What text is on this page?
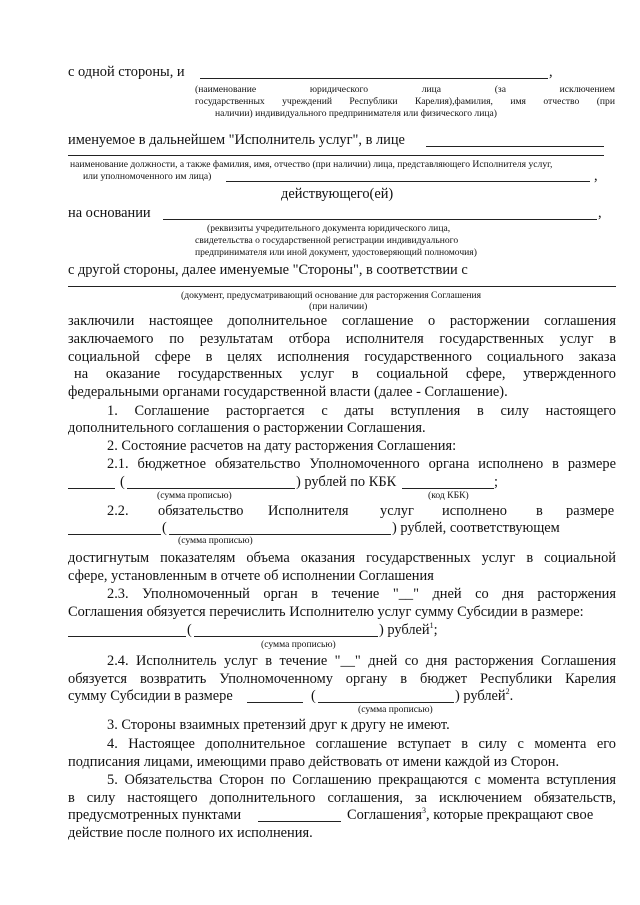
с одной стороны, и	,
(наименование юридического лица (за исключением
государственных учреждений Республики Карелия),фамилия, имя отчество (при
наличии) индивидуального предпринимателя или физического лица)
именуемое в дальнейшем "Исполнитель услуг", в лице
наименование должности, а также фамилия, имя, отчество (при наличии) лица, представляющего Исполнителя услуг,
или уполномоченного им лица)	,
действующего(ей)
на основании	,
(реквизиты учредительного документа юридического лица,
свидетельства о государственной регистрации индивидуального
предпринимателя или иной документ, удостоверяющий полномочия)
с другой стороны, далее именуемые "Стороны", в соответствии с
(документ, предусматривающий основание для расторжения Соглашения
(при наличии)
заключили настоящее дополнительное соглашение о расторжении соглашения
заключаемого по результатам отбора исполнителя государственных услуг в
социальной сфере в целях исполнения государственного социального заказа
на оказание государственных услуг в социальной сфере, утвержденного
федеральными органами государственной власти (далее - Соглашение).
1. Соглашение расторгается с даты вступления в силу настоящего
дополнительного соглашения о расторжении Соглашения.
2. Состояние расчетов на дату расторжения Соглашения:
2.1. бюджетное обязательство Уполномоченного органа исполнено в размере
(	) рублей по КБК	;
(сумма прописью)	(код КБК)
2.2. обязательство Исполнителя услуг исполнено в размере
(	) рублей, соответствующем
(сумма прописью)
достигнутым показателям объема оказания государственных услуг в социальной
сфере, установленным в отчете об исполнении Соглашения
2.3. Уполномоченный орган в течение "__" дней со дня расторжения
Соглашения обязуется перечислить Исполнителю услуг сумму Субсидии в размере:
(	) рублей$^1$;
(сумма прописью)
2.4. Исполнитель услуг в течение "__" дней со дня расторжения Соглашения
обязуется возвратить Уполномоченному органу в бюджет Республики Карелия
сумму Субсидии в размере	(	) рублей$^2$.
(сумма прописью)
3. Стороны взаимных претензий друг к другу не имеют.
4. Настоящее дополнительное соглашение вступает в силу с момента его
подписания лицами, имеющими право действовать от имени каждой из Сторон.
5. Обязательства Сторон по Соглашению прекращаются с момента вступления
в силу настоящего дополнительного соглашения, за исключением обязательств,
предусмотренных пунктами	Соглашения$^3$, которые прекращают свое
действие после полного их исполнения.
